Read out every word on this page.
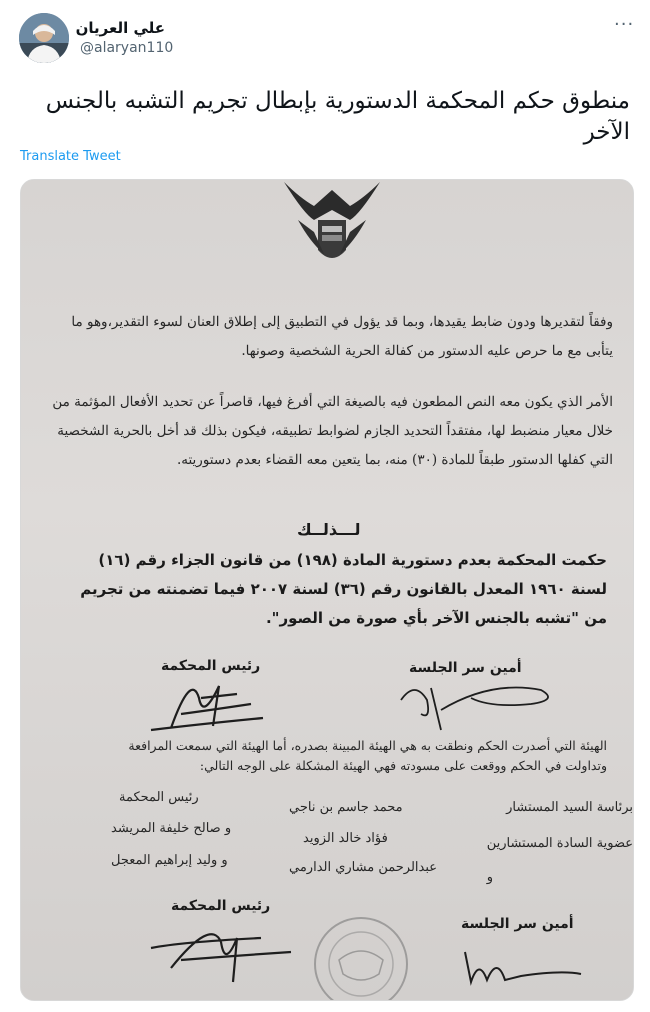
علي العريان
@alaryan110
···
منطوق حكم المحكمة الدستورية بإبطال تجريم التشبه بالجنس الآخر
Translate Tweet
وفقاً لتقديرها ودون ضابط يقيدها، وبما قد يؤول في التطبيق إلى إطلاق العنان لسوء التقدير،وهو ما يتأبى مع ما حرص عليه الدستور من كفالة الحرية الشخصية وصونها.
الأمر الذي يكون معه النص المطعون فيه بالصيغة التي أفرغ فيها، قاصراً عن تحديد الأفعال المؤثمة من خلال معيار منضبط لها، مفتقداً التحديد الجازم لضوابط تطبيقه، فيكون بذلك قد أخل بالحرية الشخصية التي كفلها الدستور طبقاً للمادة (٣٠) منه، بما يتعين معه القضاء بعدم دستوريته.
لـــذلــك
حكمت المحكمة بعدم دستورية المادة (١٩٨) من قانون الجزاء رقم (١٦) لسنة ١٩٦٠ المعدل بالقانون رقم (٣٦) لسنة ٢٠٠٧ فيما تضمنته من تجريم من "تشبه بالجنس الآخر بأي صورة من الصور".
رئيس المحكمة	أمين سر الجلسة
الهيئة التي أصدرت الحكم ونطقت به هي الهيئة المبينة بصدره، أما الهيئة التي سمعت المرافعة وتداولت في الحكم ووقعت على مسودته فهي الهيئة المشكلة على الوجه التالي:
برئاسة السيد المستشار
محمد جاسم بن ناجي
رئيس المحكمة
عضوية السادة المستشارين
فؤاد خالد الزويد
و صالح خليفة المريشد
و
عبدالرحمن مشاري الدارمي
و وليد إبراهيم المعجل
رئيس المحكمة
أمين سر الجلسة
